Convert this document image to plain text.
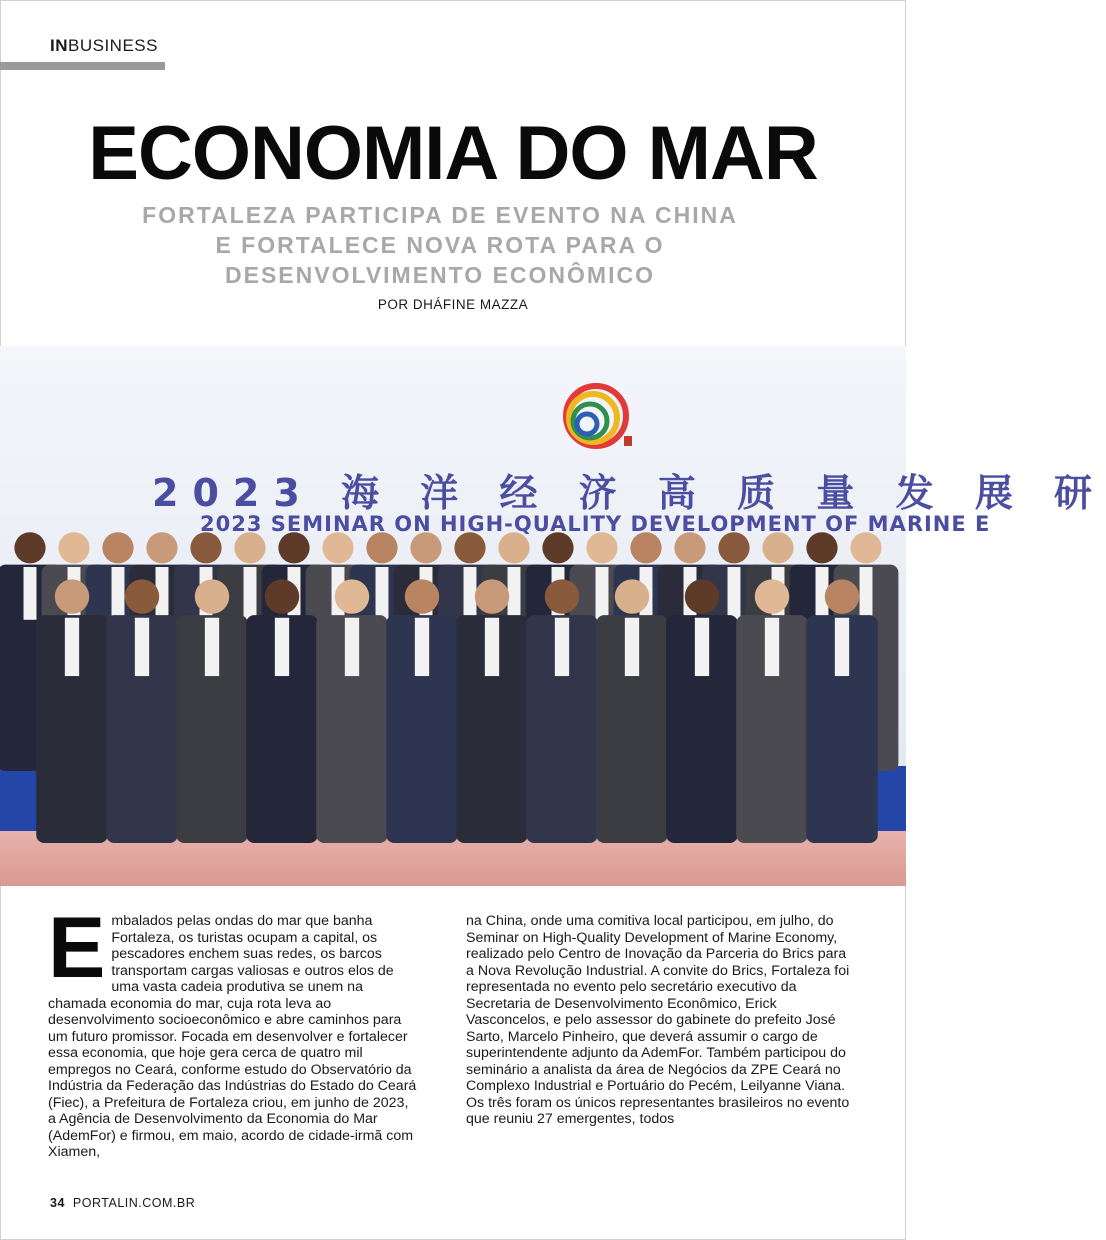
INBUSINESS
ECONOMIA DO MAR
FORTALEZA PARTICIPA DE EVENTO NA CHINA E FORTALECE NOVA ROTA PARA O DESENVOLVIMENTO ECONÔMICO
POR DHÁFINE MAZZA
2023 海 洋 经 济 高 质 量 发 展 研
2023 SEMINAR ON HIGH-QUALITY DEVELOPMENT OF MARINE E

Embalados pelas ondas do mar que banha Fortaleza, os turistas ocupam a capital, os pescadores enchem suas redes, os barcos transportam cargas valiosas e outros elos de uma vasta cadeia produtiva se unem na chamada economia do mar, cuja rota leva ao desenvolvimento socioeconômico e abre caminhos para um futuro promissor. Focada em desenvolver e fortalecer essa economia, que hoje gera cerca de quatro mil empregos no Ceará, conforme estudo do Observatório da Indústria da Federação das Indústrias do Estado do Ceará (Fiec), a Prefeitura de Fortaleza criou, em junho de 2023, a Agência de Desenvolvimento da Economia do Mar (AdemFor) e firmou, em maio, acordo de cidade-irmã com Xiamen,

na China, onde uma comitiva local participou, em julho, do Seminar on High-Quality Development of Marine Economy, realizado pelo Centro de Inovação da Parceria do Brics para a Nova Revolução Industrial. A convite do Brics, Fortaleza foi representada no evento pelo secretário executivo da Secretaria de Desenvolvimento Econômico, Erick Vasconcelos, e pelo assessor do gabinete do prefeito José Sarto, Marcelo Pinheiro, que deverá assumir o cargo de superintendente adjunto da AdemFor. Também participou do seminário a analista da área de Negócios da ZPE Ceará no Complexo Industrial e Portuário do Pecém, Leilyanne Viana. Os três foram os únicos representantes brasileiros no evento que reuniu 27 emergentes, todos

34 PORTALIN.COM.BR
